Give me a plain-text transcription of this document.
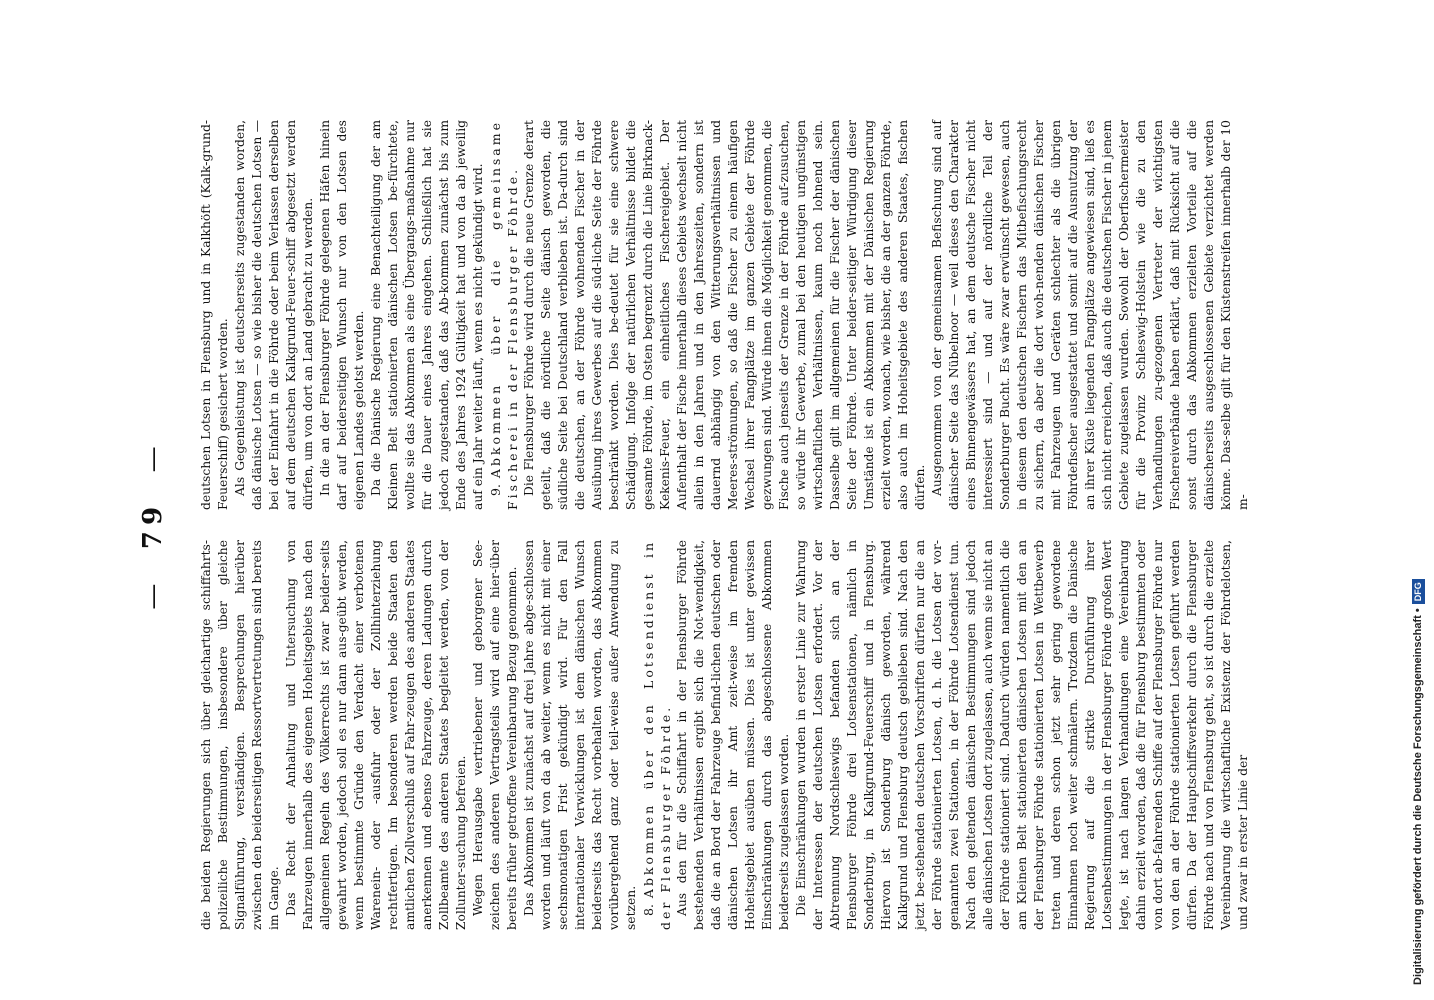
—  79  —

die beiden Regierungen sich über gleichartige schiffahrts-polizeiliche Bestimmungen, insbesondere über gleiche Signalführung, verständigen. Besprechungen hierüber zwischen den beiderseitigen Ressortvertretungen sind bereits im Gange. Das Recht der Anhaltung und Untersuchung von Fahrzeugen innerhalb des eigenen Hoheitsgebiets nach den allgemeinen Regeln des Völkerrechts ist zwar beider-seits gewahrt worden, jedoch soll es nur dann aus-geübt werden, wenn bestimmte Gründe den Verdacht einer verbotenen Warenein- oder -ausfuhr oder der Zollhinterziehung rechtfertigen. Im besonderen werden beide Staaten den amtlichen Zollverschluß auf Fahr-zeugen des anderen Staates anerkennen und ebenso Fahrzeuge, deren Ladungen durch Zollbeamte des anderen Staates begleitet werden, von der Zollunter-suchung befreien. Wegen Herausgabe vertriebener und geborgener See-zeichen des anderen Vertragsteils wird auf eine hier-über bereits früher getroffene Vereinbarung Bezug genommen. Das Abkommen ist zunächst auf drei Jahre abge-schlossen worden und läuft von da ab weiter, wenn es nicht mit einer sechsmonatigen Frist gekündigt wird. Für den Fall internationaler Verwicklungen ist dem dänischen Wunsch beiderseits das Recht vorbehalten worden, das Abkommen vorübergehend ganz oder teil-weise außer Anwendung zu setzen. 8.Abkommen über den Lotsendienst in der Flensburger Föhrde. Aus den für die Schiffahrt in der Flensburger Föhrde bestehenden Verhältnissen ergibt sich die Not-wendigkeit, daß die an Bord der Fahrzeuge befind-lichen deutschen oder dänischen Lotsen ihr Amt zeit-weise im fremden Hoheitsgebiet ausüben müssen. Dies ist unter gewissen Einschränkungen durch das abgeschlossene Abkommen beiderseits zugelassen worden. Die Einschränkungen wurden in erster Linie zur Wahrung der Interessen der deutschen Lotsen erfordert. Vor der Abtrennung Nordschleswigs befanden sich an der Flensburger Föhrde drei Lotsenstationen, nämlich in Sonderburg, in Kalkgrund-Feuerschiff und in Flensburg. Hiervon ist Sonderburg dänisch geworden, während Kalkgrund und Flensburg deutsch geblieben sind. Nach den jetzt be-stehenden deutschen Vorschriften dürfen nur die an der Föhrde stationierten Lotsen, d. h. die Lotsen der vor-genannten zwei Stationen, in der Föhrde Lotsendienst tun. Nach den geltenden dänischen Bestimmungen sind jedoch alle dänischen Lotsen dort zugelassen, auch wenn sie nicht an der Föhrde stationiert sind. Dadurch würden namentlich die am Kleinen Belt stationierten dänischen Lotsen mit den an der Flensburger Föhrde stationierten Lotsen in Wettbewerb treten und deren schon jetzt sehr gering gewordene Einnahmen noch weiter schmälern. Trotzdem die Dänische Regierung auf die strikte Durchführung ihrer Lotsenbestimmungen in der Flensburger Föhrde großen Wert legte, ist nach langen Verhandlungen eine Vereinbarung dahin erzielt worden, daß die für Flensburg bestimmten oder von dort ab-fahrenden Schiffe auf der Flensburger Föhrde nur von den an der Föhrde stationierten Lotsen geführt werden dürfen. Da der Hauptschiffsverkehr durch die Flensburger Föhrde nach und von Flensburg geht, so ist durch die erzielte Vereinbarung die wirtschaftliche Existenz der Föhrdelotsen, und zwar in erster Linie der

deutschen Lotsen in Flensburg und in Kalkhöft (Kalk-grund-Feuerschiff) gesichert worden. Als Gegenleistung ist deutscherseits zugestanden worden, daß dänische Lotsen — so wie bisher die deutschen Lotsen — bei der Einfahrt in die Föhrde oder beim Verlassen derselben auf dem deutschen Kalkgrund-Feuer-schiff abgesetzt werden dürfen, um von dort an Land gebracht zu werden. In die an der Flensburger Föhrde gelegenen Häfen hinein darf auf beiderseitigen Wunsch nur von den Lotsen des eigenen Landes gelotst werden. Da die Dänische Regierung eine Benachteiligung der am Kleinen Belt stationierten dänischen Lotsen be-fürchtete, wollte sie das Abkommen als eine Übergangs-maßnahme nur für die Dauer eines Jahres eingehen. Schließlich hat sie jedoch zugestanden, daß das Ab-kommen zunächst bis zum Ende des Jahres 1924 Gültigkeit hat und von da ab jeweilig auf ein Jahr weiter läuft, wenn es nicht gekündigt wird. 9.Abkommen über die gemeinsame Fischerei in der Flensburger Föhrde. Die Flensburger Föhrde wird durch die neue Grenze derart geteilt, daß die nördliche Seite dänisch geworden, die südliche Seite bei Deutschland verblieben ist. Da-durch sind die deutschen, an der Föhrde wohnenden Fischer in der Ausübung ihres Gewerbes auf die süd-liche Seite der Föhrde beschränkt worden. Dies be-deutet für sie eine schwere Schädigung. Infolge der natürlichen Verhältnisse bildet die gesamte Föhrde, im Osten begrenzt durch die Linie Birknack-Kekenis-Feuer, ein einheitliches Fischereigebiet. Der Aufenthalt der Fische innerhalb dieses Gebiets wechselt nicht allein in den Jahren und in den Jahreszeiten, sondern ist dauernd abhängig von den Witterungsverhältnissen und Meeres-strömungen, so daß die Fischer zu einem häufigen Wechsel ihrer Fangplätze im ganzen Gebiete der Föhrde gezwungen sind. Würde ihnen die Möglichkeit genommen, die Fische auch jenseits der Grenze in der Föhrde auf-zusuchen, so würde ihr Gewerbe, zumal bei den heutigen ungünstigen wirtschaftlichen Verhältnissen, kaum noch lohnend sein. Dasselbe gilt im allgemeinen für die Fischer der dänischen Seite der Föhrde. Unter beider-seitiger Würdigung dieser Umstände ist ein Abkommen mit der Dänischen Regierung erzielt worden, wonach, wie bisher, die an der ganzen Föhrde, also auch im Hoheitsgebiete des anderen Staates, fischen dürfen. Ausgenommen von der gemeinsamen Befischung sind auf dänischer Seite das Nübelnoor — weil dieses den Charakter eines Binnengewässers hat, an dem deutsche Fischer nicht interessiert sind — und auf der nördliche Teil der Sonderburger Bucht. Es wäre zwar erwünscht gewesen, auch in diesem den deutschen Fischern das Mitbefischungsrecht zu sichern, da aber die dort woh-nenden dänischen Fischer mit Fahrzeugen und Geräten schlechter als die übrigen Föhrdefischer ausgestattet und somit auf die Ausnutzung der an ihrer Küste liegenden Fangplätze angewiesen sind, ließ es sich nicht erreichen, daß auch die deutschen Fischer in jenem Gebiete zugelassen wurden. Sowohl der Oberfischermeister für die Provinz Schleswig-Holstein wie die zu den Verhandlungen zu-gezogenen Vertreter der wichtigsten Fischereiverbände haben erklärt, daß mit Rücksicht auf die sonst durch das Abkommen erzielten Vorteile auf die dänischerseits ausgeschlossenen Gebiete verzichtet werden könne. Das-selbe gilt für den Küstenstreifen innerhalb der 10 m-

Digitalisierung gefördert durch die Deutsche Forschungsgemeinschaft •DFG
